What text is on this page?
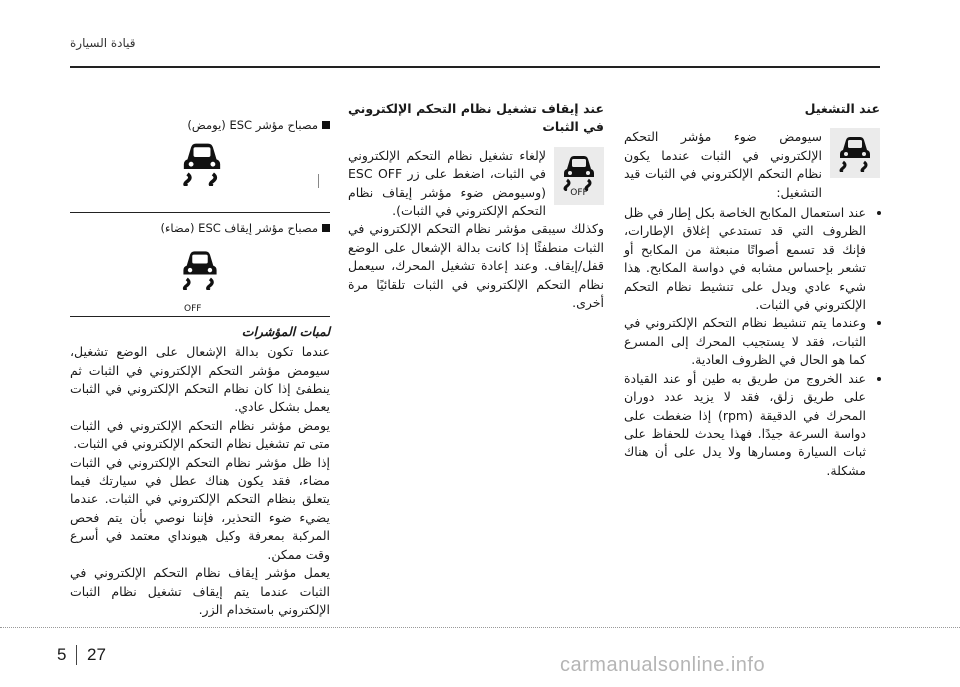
قيادة السيارة

عند التشغيل

سيومض ضوء مؤشر التحكم الإلكتروني في الثبات عندما يكون نظام التحكم الإلكتروني في الثبات قيد التشغيل:

• عند استعمال المكابح الخاصة بكل إطار في ظل الظروف التي قد تستدعي إغلاق الإطارات، فإنك قد تسمع أصواتًا منبعثة من المكابح أو تشعر بإحساس مشابه في دواسة المكابح. هذا شيء عادي ويدل على تنشيط نظام التحكم الإلكتروني في الثبات.
• وعندما يتم تنشيط نظام التحكم الإلكتروني في الثبات، فقد لا يستجيب المحرك إلى المسرع كما هو الحال في الظروف العادية.
• عند الخروج من طريق به طين أو عند القيادة على طريق زلق، فقد لا يزيد عدد دوران المحرك في الدقيقة (rpm) إذا ضغطت على دواسة السرعة جيدًا. فهذا يحدث للحفاظ على ثبات السيارة ومسارها ولا يدل على أن هناك مشكلة.

عند إيقاف تشغيل نظام التحكم الإلكتروني في الثبات

OFF

لإلغاء تشغيل نظام التحكم الإلكتروني في الثبات، اضغط على زر ESC OFF (وسيومض ضوء مؤشر إيقاف نظام التحكم الإلكتروني في الثبات).

وكذلك سيبقى مؤشر نظام التحكم الإلكتروني في الثبات منطفئًا إذا كانت بدالة الإشعال على الوضع قفل/إيقاف. وعند إعادة تشغيل المحرك، سيعمل نظام التحكم الإلكتروني في الثبات تلقائيًا مرة أخرى.

مصباح مؤشر ESC (يومض)

مصباح مؤشر إيقاف ESC (مضاء)

OFF

لمبات المؤشرات

عندما تكون بدالة الإشعال على الوضع تشغيل، سيومض مؤشر التحكم الإلكتروني في الثبات ثم ينطفئ إذا كان نظام التحكم الإلكتروني في الثبات يعمل بشكل عادي.

يومض مؤشر نظام التحكم الإلكتروني في الثبات متى تم تشغيل نظام التحكم الإلكتروني في الثبات.

إذا ظل مؤشر نظام التحكم الإلكتروني في الثبات مضاء، فقد يكون هناك عطل في سيارتك فيما يتعلق بنظام التحكم الإلكتروني في الثبات. عندما يضيء ضوء التحذير، فإننا نوصي بأن يتم فحص المركبة بمعرفة وكيل هيونداي معتمد في أسرع وقت ممكن.

يعمل مؤشر إيقاف نظام التحكم الإلكتروني في الثبات عندما يتم إيقاف تشغيل نظام الثبات الإلكتروني باستخدام الزر.

27
5	carmanualsonline.info
